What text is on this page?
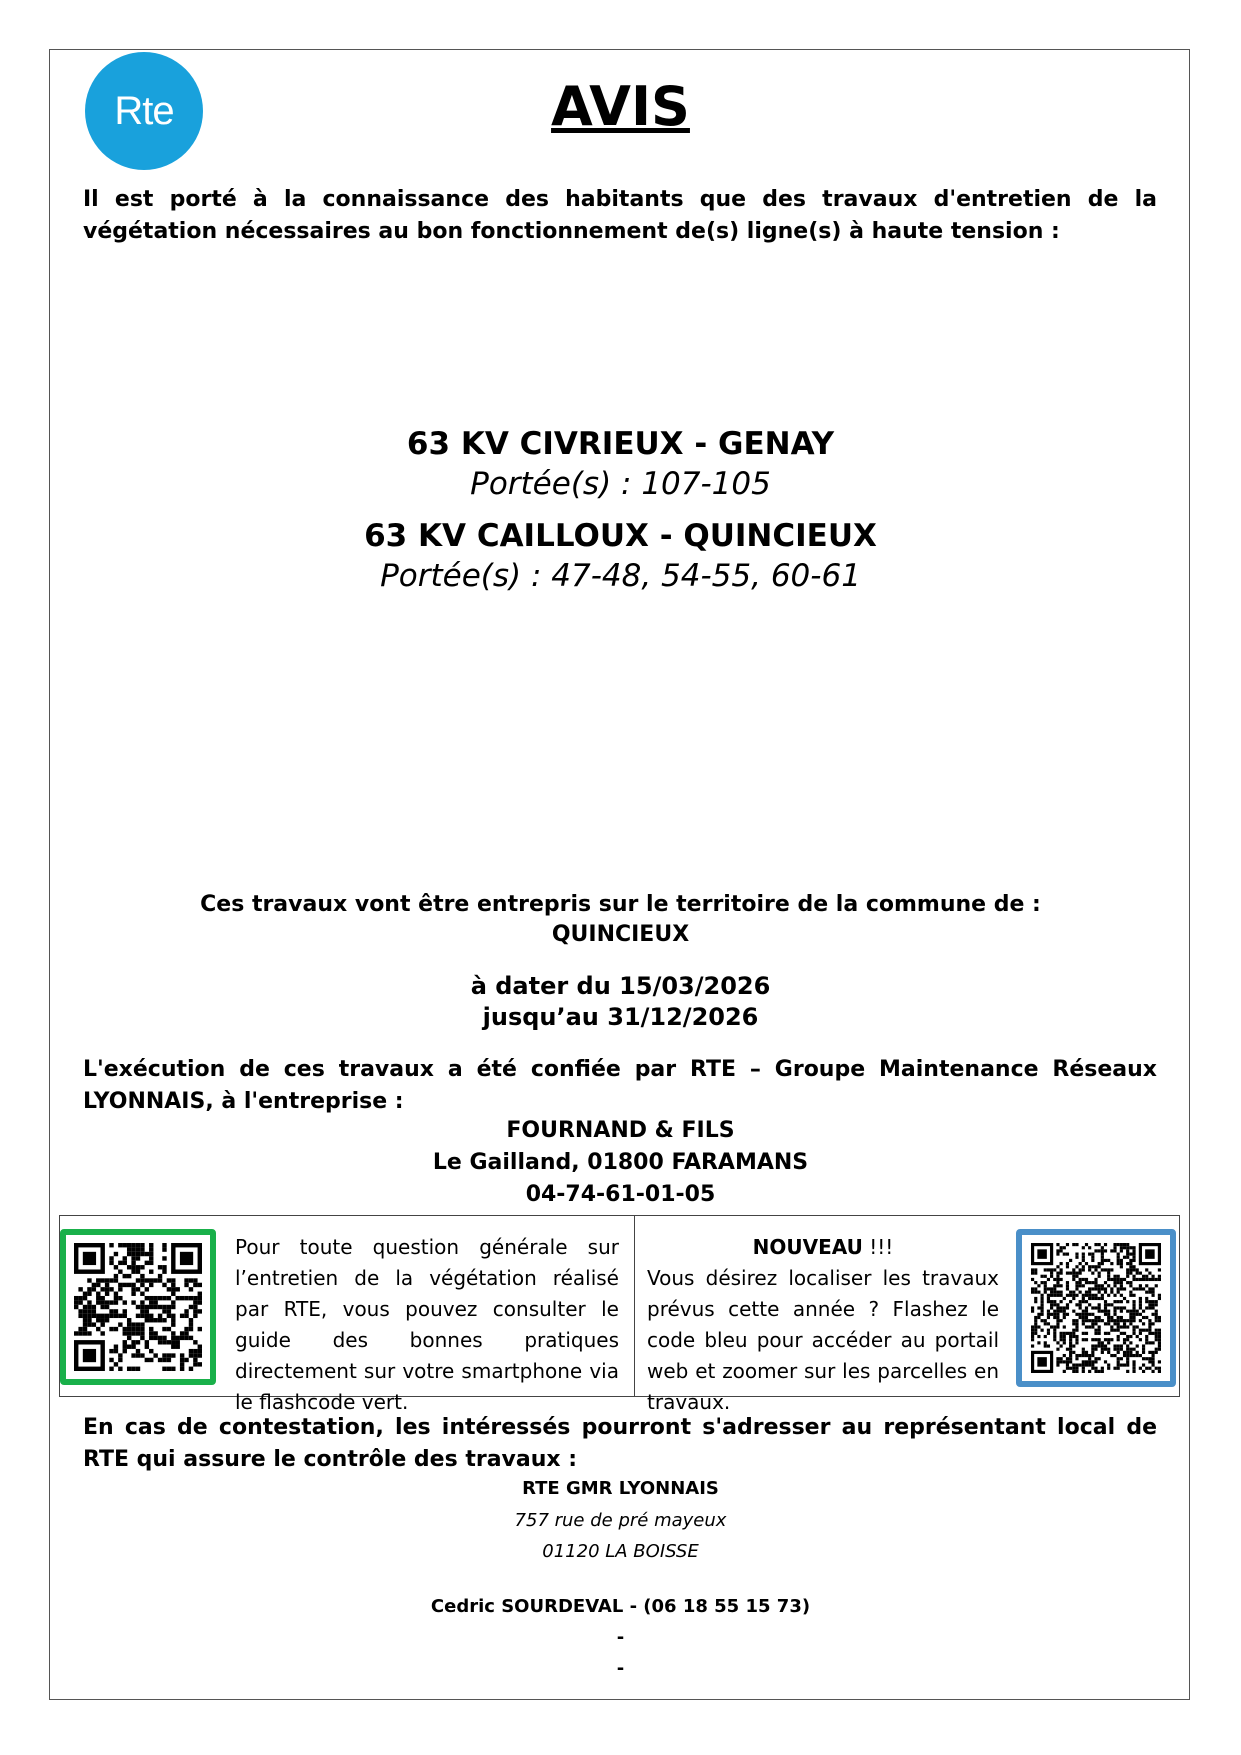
Rte	AVIS
Il est porté à la connaissance des habitants que des travaux d'entretien de la végétation nécessaires au bon fonctionnement de(s) ligne(s) à haute tension :
63 KV CIVRIEUX - GENAY
Portée(s) : 107-105
63 KV CAILLOUX - QUINCIEUX
Portée(s) : 47-48, 54-55, 60-61
Ces travaux vont être entrepris sur le territoire de la commune de :
QUINCIEUX
à dater du 15/03/2026
jusqu’au 31/12/2026
L'exécution de ces travaux a été confiée par RTE – Groupe Maintenance Réseaux LYONNAIS, à l'entreprise :
FOURNAND & FILS
Le Gailland, 01800 FARAMANS
04-74-61-01-05
Pour toute question générale sur l’entretien de la végétation réalisé par RTE, vous pouvez consulter le guide des bonnes pratiques directement sur votre smartphone via le flashcode vert.
NOUVEAU !!!
Vous désirez localiser les travaux prévus cette année ? Flashez le code bleu pour accéder au portail web et zoomer sur les parcelles en travaux.
En cas de contestation, les intéressés pourront s'adresser au représentant local de RTE qui assure le contrôle des travaux :
RTE GMR LYONNAIS
757 rue de pré mayeux
01120 LA BOISSE
Cedric SOURDEVAL - (06 18 55 15 73)
-
-
